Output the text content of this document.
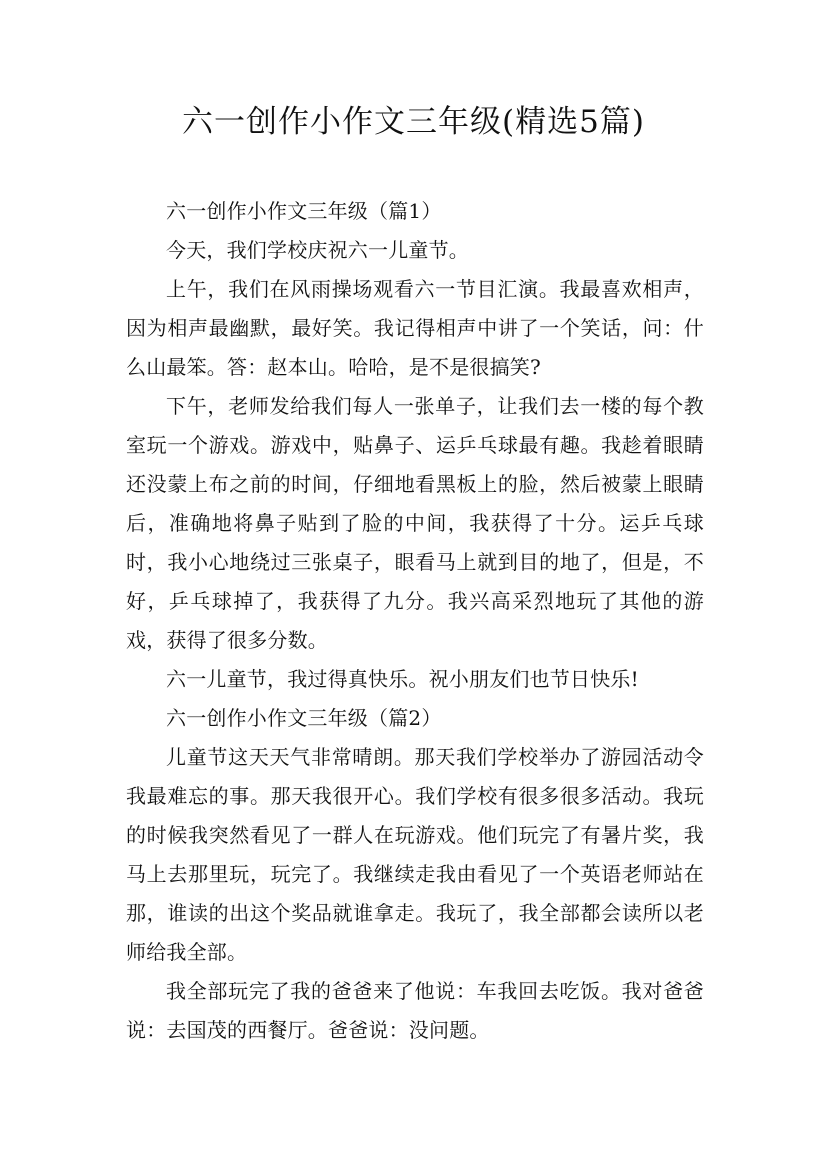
六一创作小作文三年级(精选5篇)

六一创作小作文三年级（篇1）

今天，我们学校庆祝六一儿童节。

上午，我们在风雨操场观看六一节目汇演。我最喜欢相声，因为相声最幽默，最好笑。我记得相声中讲了一个笑话，问：什么山最笨。答：赵本山。哈哈，是不是很搞笑?

下午，老师发给我们每人一张单子，让我们去一楼的每个教室玩一个游戏。游戏中，贴鼻子、运乒乓球最有趣。我趁着眼睛还没蒙上布之前的时间，仔细地看黑板上的脸，然后被蒙上眼睛后，准确地将鼻子贴到了脸的中间，我获得了十分。运乒乓球时，我小心地绕过三张桌子，眼看马上就到目的地了，但是，不好，乒乓球掉了，我获得了九分。我兴高采烈地玩了其他的游戏，获得了很多分数。

六一儿童节，我过得真快乐。祝小朋友们也节日快乐!

六一创作小作文三年级（篇2）

儿童节这天天气非常晴朗。那天我们学校举办了游园活动令我最难忘的事。那天我很开心。我们学校有很多很多活动。我玩的时候我突然看见了一群人在玩游戏。他们玩完了有暑片奖，我马上去那里玩，玩完了。我继续走我由看见了一个英语老师站在那，谁读的出这个奖品就谁拿走。我玩了，我全部都会读所以老师给我全部。

我全部玩完了我的爸爸来了他说：车我回去吃饭。我对爸爸说：去国茂的西餐厅。爸爸说：没问题。
